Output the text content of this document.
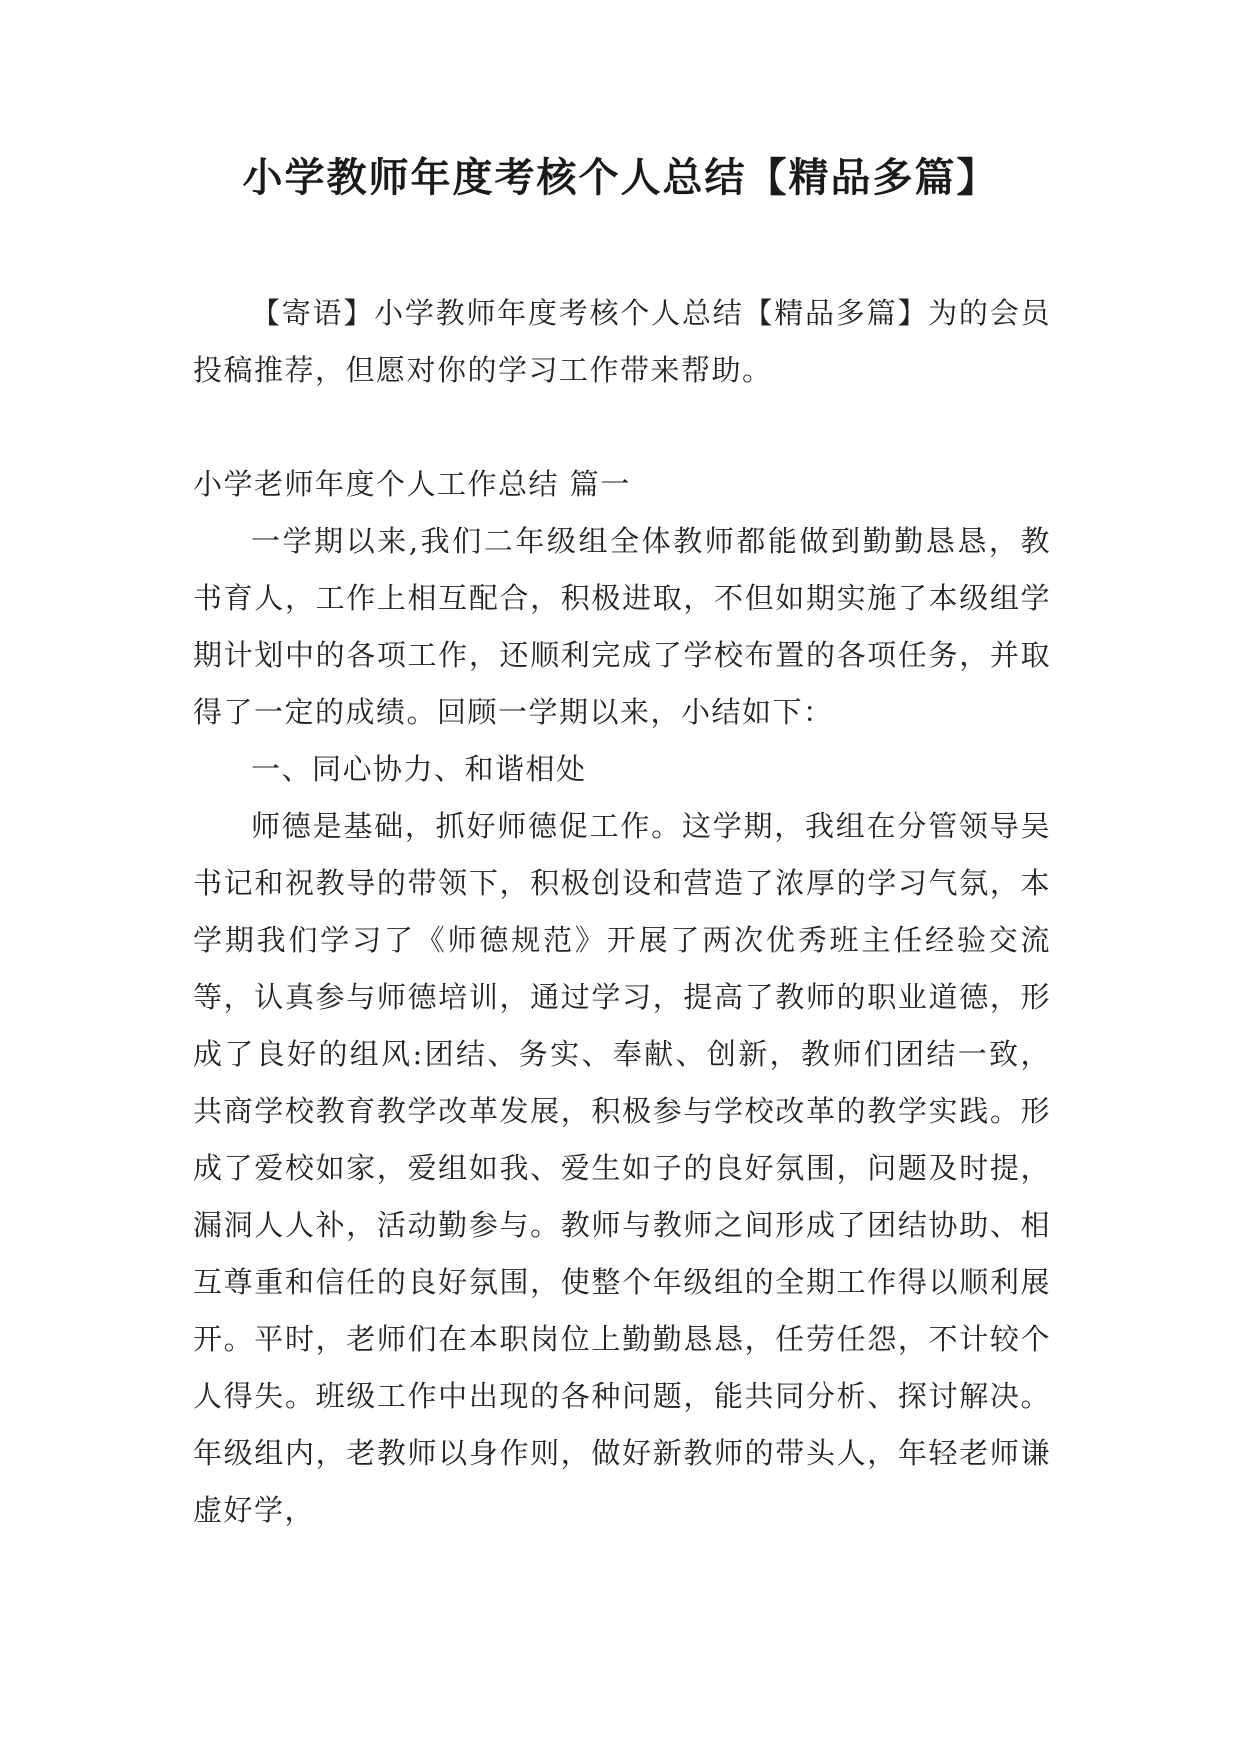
小学教师年度考核个人总结【精品多篇】

【寄语】小学教师年度考核个人总结【精品多篇】为的会员投稿推荐，但愿对你的学习工作带来帮助。

小学老师年度个人工作总结 篇一

一学期以来,我们二年级组全体教师都能做到勤勤恳恳，教书育人，工作上相互配合，积极进取，不但如期实施了本级组学期计划中的各项工作，还顺利完成了学校布置的各项任务，并取得了一定的成绩。回顾一学期以来，小结如下：

一、同心协力、和谐相处

师德是基础，抓好师德促工作。这学期，我组在分管领导吴书记和祝教导的带领下，积极创设和营造了浓厚的学习气氛，本学期我们学习了《师德规范》开展了两次优秀班主任经验交流等，认真参与师德培训，通过学习，提高了教师的职业道德，形成了良好的组风:团结、务实、奉献、创新，教师们团结一致，共商学校教育教学改革发展，积极参与学校改革的教学实践。形成了爱校如家，爱组如我、爱生如子的良好氛围，问题及时提，漏洞人人补，活动勤参与。教师与教师之间形成了团结协助、相互尊重和信任的良好氛围，使整个年级组的全期工作得以顺利展开。平时，老师们在本职岗位上勤勤恳恳，任劳任怨，不计较个人得失。班级工作中出现的各种问题，能共同分析、探讨解决。年级组内，老教师以身作则，做好新教师的带头人，年轻老师谦虚好学，
